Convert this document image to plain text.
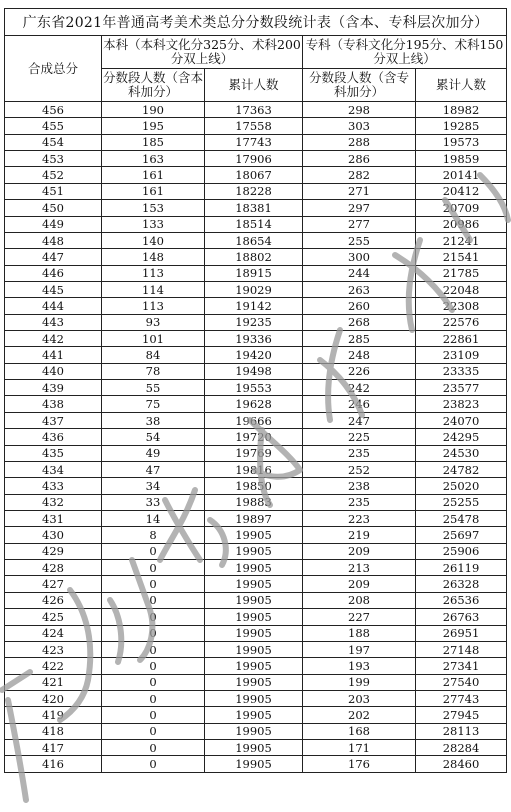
广东省2021年普通高考美术类总分分数段统计表（含本、专科层次加分）				
合成总分	本科（本科文化分325分、术科200分双上线）		专科（专科文化分195分、术科150分双上线）	
	分数段人数（含本科加分）	累计人数	分数段人数（含专科加分）	累计人数
456	190	17363	298	18982
455	195	17558	303	19285
454	185	17743	288	19573
453	163	17906	286	19859
452	161	18067	282	20141
451	161	18228	271	20412
450	153	18381	297	20709
449	133	18514	277	20986
448	140	18654	255	21241
447	148	18802	300	21541
446	113	18915	244	21785
445	114	19029	263	22048
444	113	19142	260	22308
443	93	19235	268	22576
442	101	19336	285	22861
441	84	19420	248	23109
440	78	19498	226	23335
439	55	19553	242	23577
438	75	19628	246	23823
437	38	19666	247	24070
436	54	19720	225	24295
435	49	19769	235	24530
434	47	19816	252	24782
433	34	19850	238	25020
432	33	19883	235	25255
431	14	19897	223	25478
430	8	19905	219	25697
429	0	19905	209	25906
428	0	19905	213	26119
427	0	19905	209	26328
426	0	19905	208	26536
425	0	19905	227	26763
424	0	19905	188	26951
423	0	19905	197	27148
422	0	19905	193	27341
421	0	19905	199	27540
420	0	19905	203	27743
419	0	19905	202	27945
418	0	19905	168	28113
417	0	19905	171	28284
416	0	19905	176	28460
